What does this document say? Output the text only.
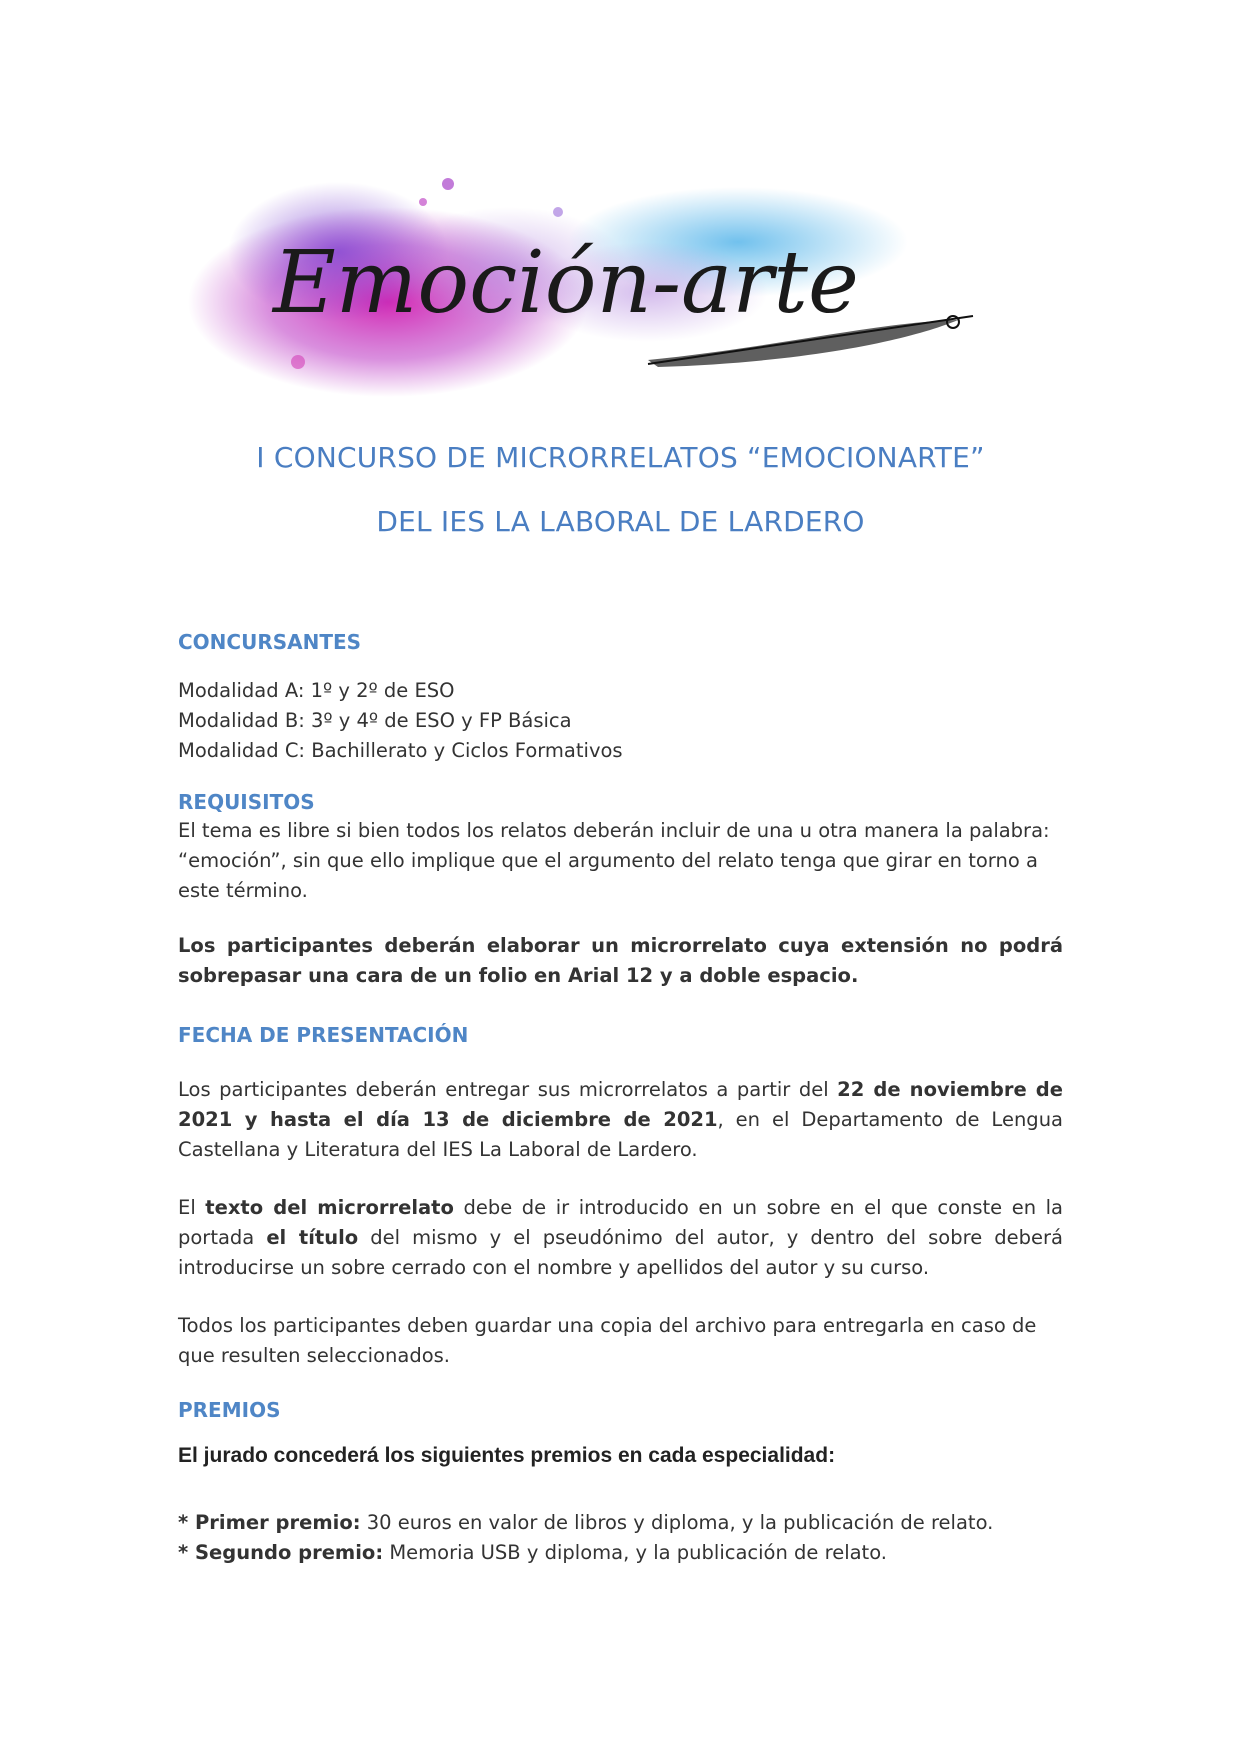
Emoción-arte
I CONCURSO DE MICRORRELATOS “EMOCIONARTE”
DEL IES LA LABORAL DE LARDERO
CONCURSANTES
Modalidad A: 1º y 2º de ESO
Modalidad B: 3º y 4º de ESO y FP Básica
Modalidad C: Bachillerato y Ciclos Formativos
REQUISITOS
El tema es libre si bien todos los relatos deberán incluir de una u otra manera la palabra: “emoción”, sin que ello implique que el argumento del relato tenga que girar en torno a este término.
Los participantes deberán elaborar un microrrelato cuya extensión no podrá sobrepasar una cara de un folio en Arial 12 y a doble espacio.
FECHA DE PRESENTACIÓN
Los participantes deberán entregar sus microrrelatos a partir del 22 de noviembre de 2021 y hasta el día 13 de diciembre de 2021, en el Departamento de Lengua Castellana y Literatura del IES La Laboral de Lardero.
El texto del microrrelato debe de ir introducido en un sobre en el que conste en la portada el título del mismo y el pseudónimo del autor, y dentro del sobre deberá introducirse un sobre cerrado con el nombre y apellidos del autor y su curso.
Todos los participantes deben guardar una copia del archivo para entregarla en caso de que resulten seleccionados.
PREMIOS
El jurado concederá los siguientes premios en cada especialidad:
* Primer premio: 30 euros en valor de libros y diploma, y la publicación de relato.
* Segundo premio: Memoria USB y diploma, y la publicación de relato.
